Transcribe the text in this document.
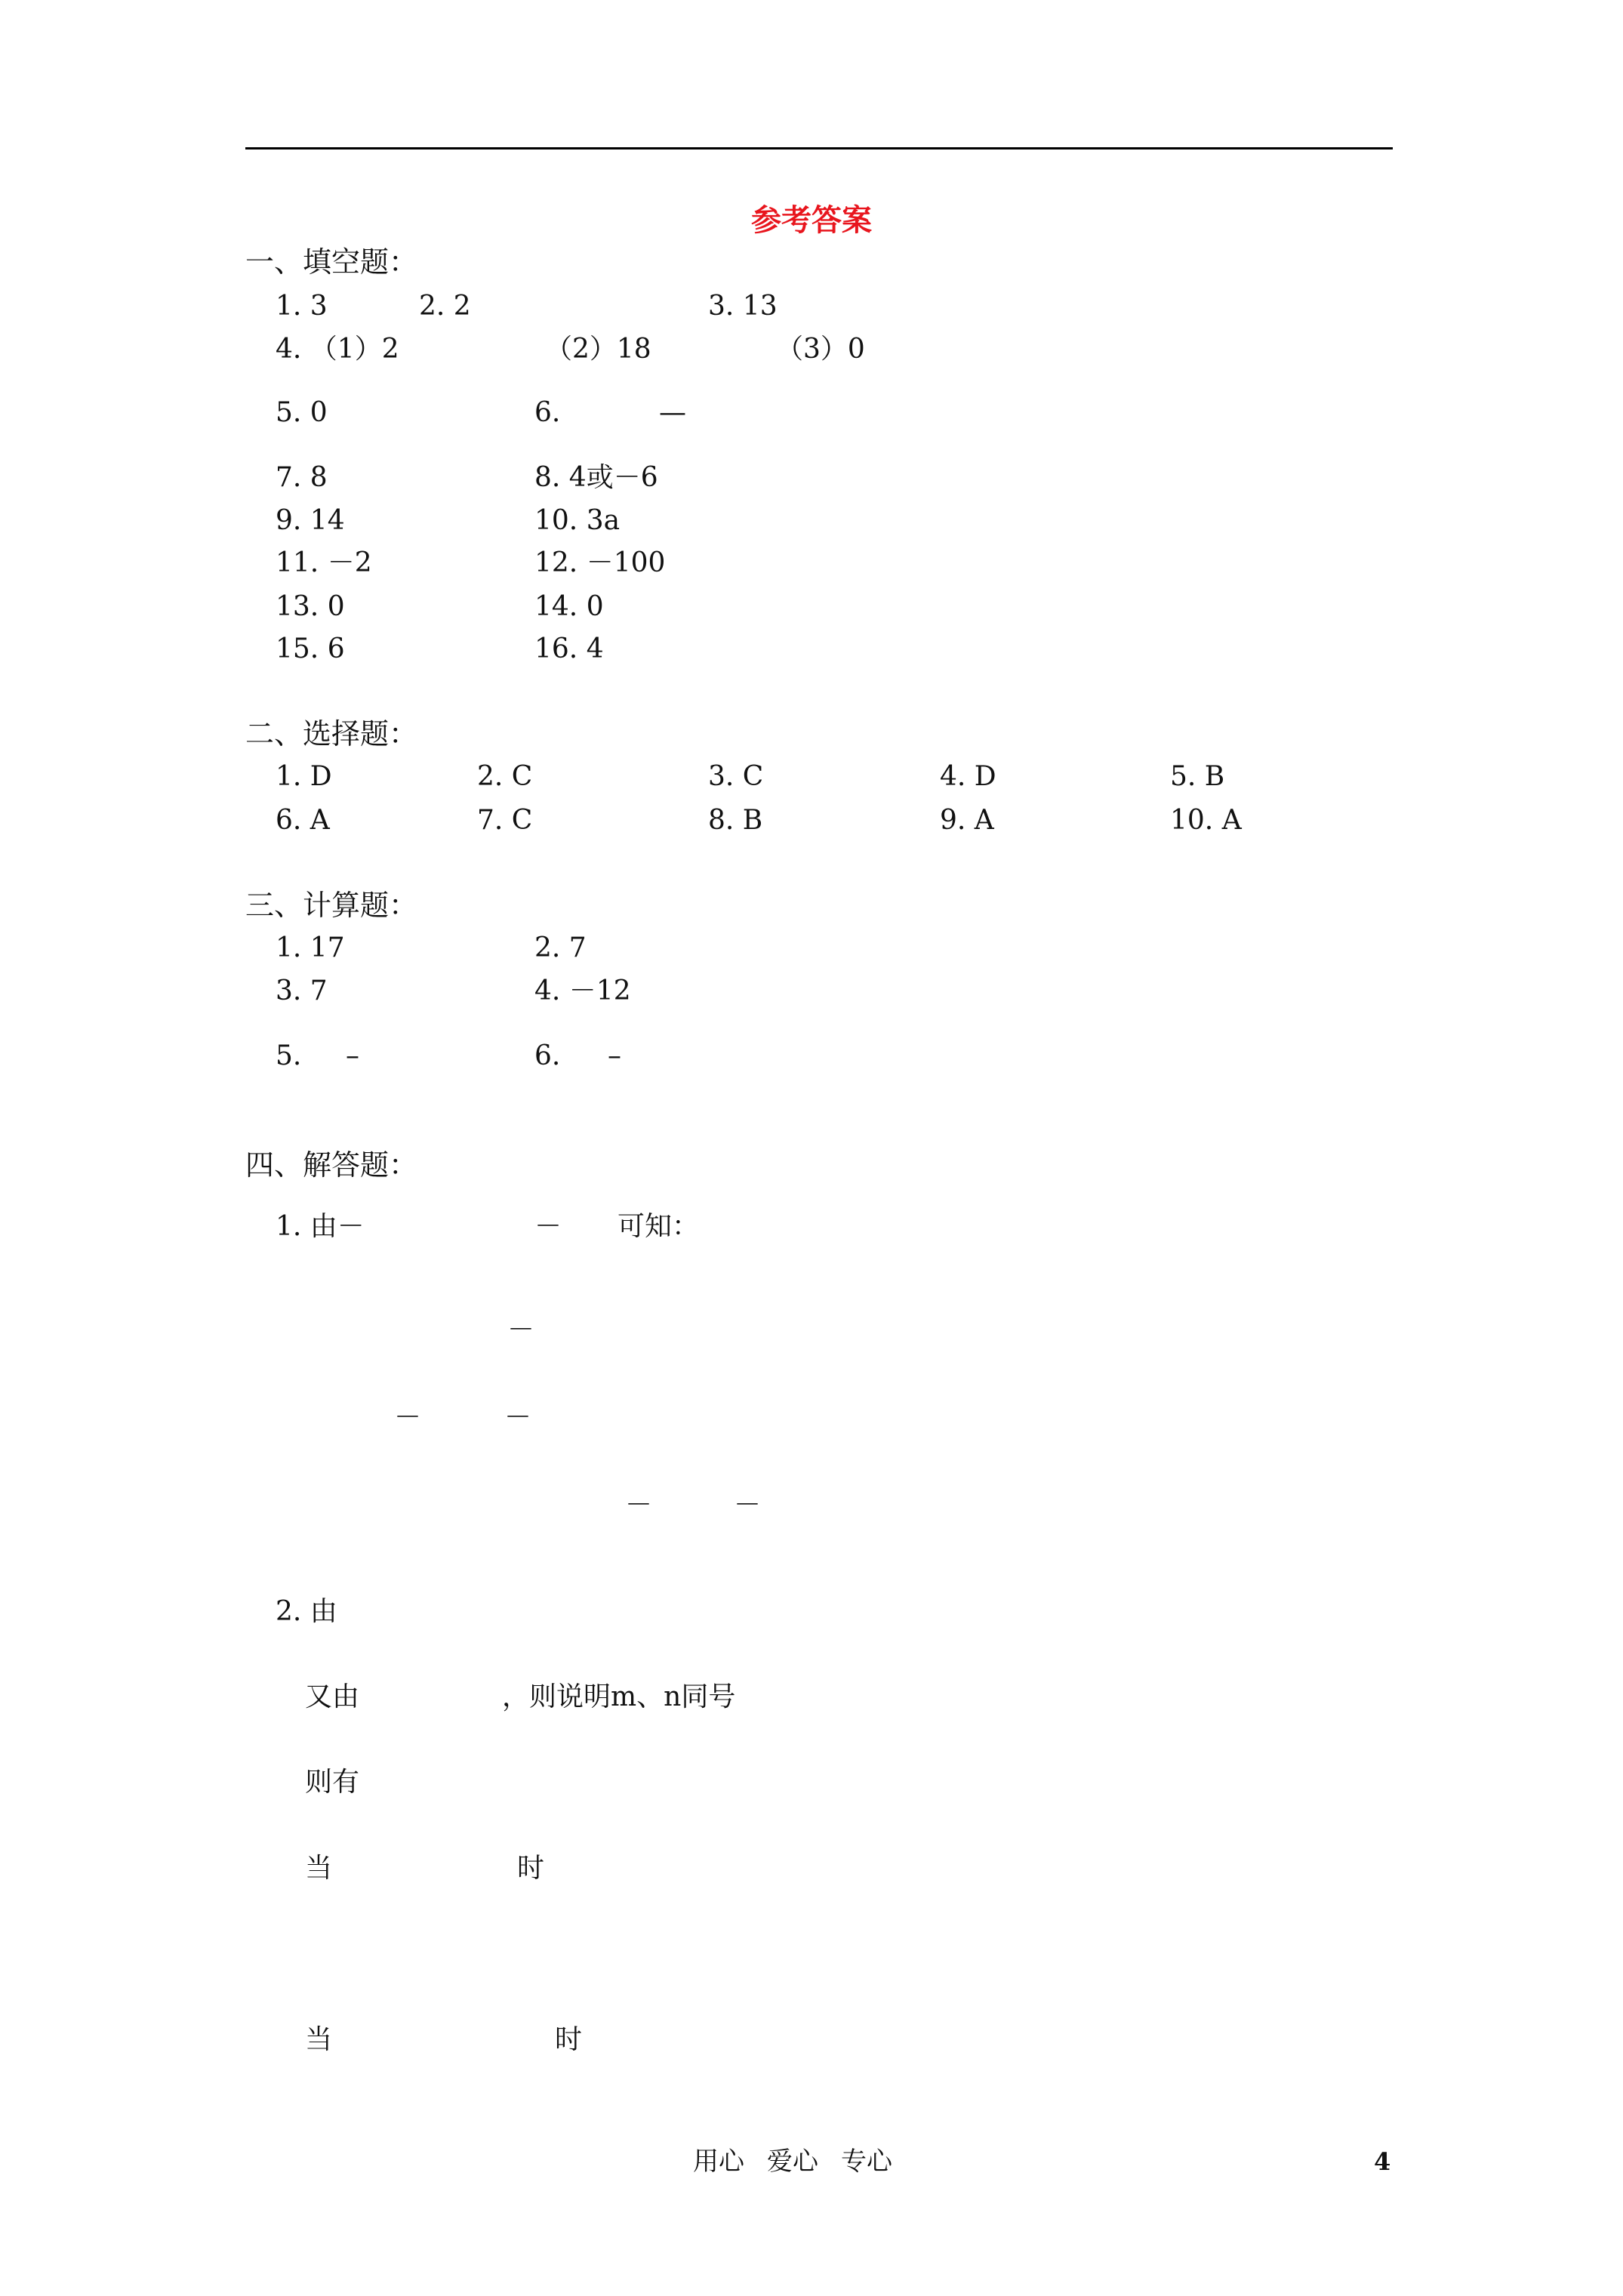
参考答案
一、填空题：
1. 3	2. 2	3. 13
4. （1）2	（2）18	（3）0
5. 0	6.	—
7. 8	8. 4或－6
9. 14	10. 3a
11. －2	12. －100
13. 0	14. 0
15. 6	16. 4
二、选择题：
1. D	2. C	3. C	4. D	5. B
6. A	7. C	8. B	9. A	10. A
三、计算题：
1. 17	2. 7
3. 7	4. －12
5. –	6. –
四、解答题：
1. 由－	－ 可知：
－
－	－
－	－
2. 由
又由	，则说明m、n同号
则有
当	时
当	时
用心 爱心 专心	4
